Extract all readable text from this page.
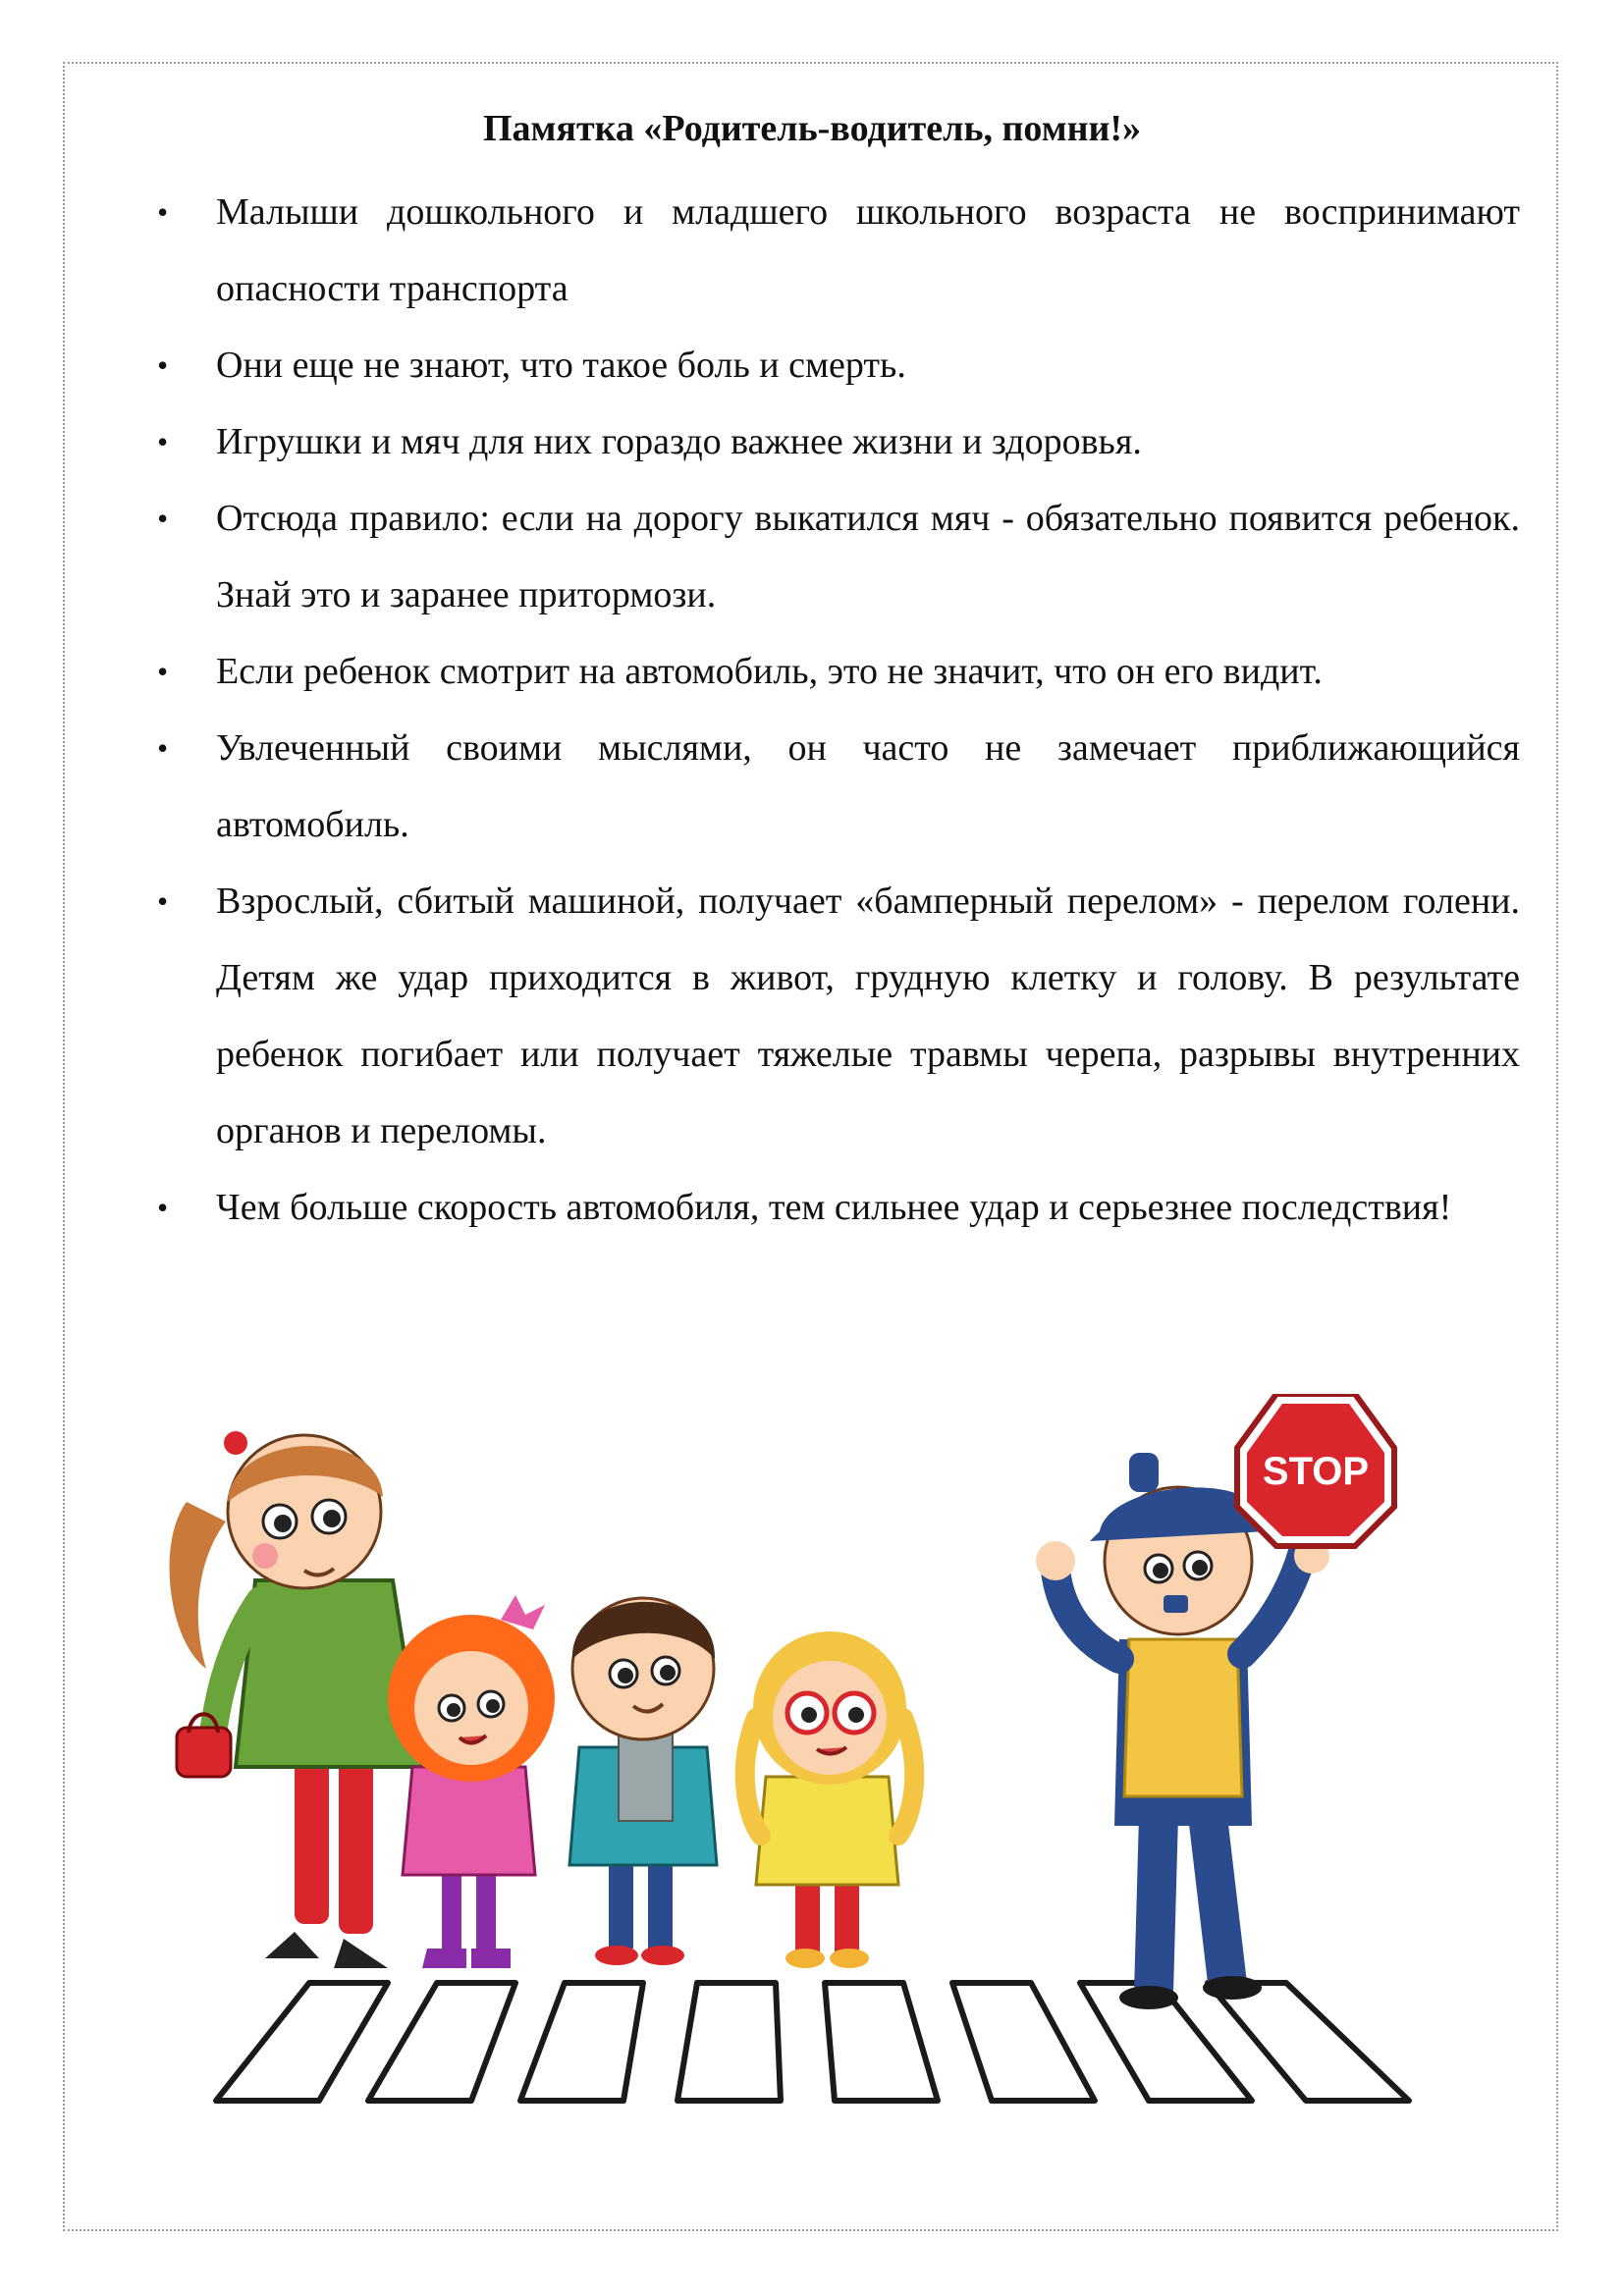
Памятка «Родитель-водитель, помни!»
• Малыши дошкольного и младшего школьного возраста не воспринимают опасности транспорта
• Они еще не знают, что такое боль и смерть.
• Игрушки и мяч для них гораздо важнее жизни и здоровья.
• Отсюда правило: если на дорогу выкатился мяч - обязательно появится ребенок. Знай это и заранее притормози.
• Если ребенок смотрит на автомобиль, это не значит, что он его видит.
• Увлеченный своими мыслями, он часто не замечает приближающийся автомобиль.
• Взрослый, сбитый машиной, получает «бамперный перелом» - перелом голени. Детям же удар приходится в живот, грудную клетку и голову. В результате ребенок погибает или получает тяжелые травмы черепа, разрывы внутренних органов и переломы.
• Чем больше скорость автомобиля, тем сильнее удар и серьезнее последствия!
STOP
